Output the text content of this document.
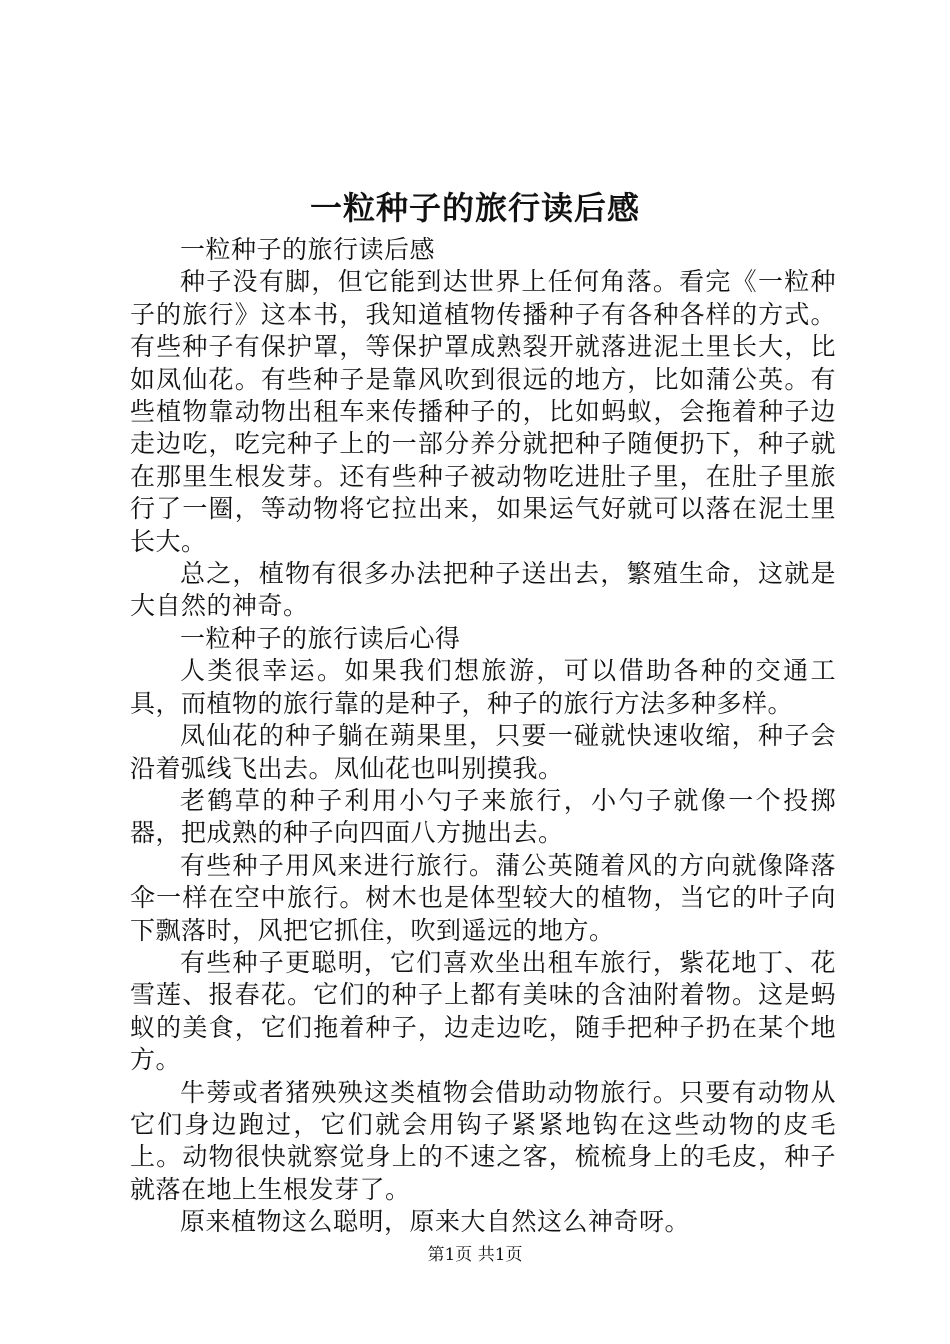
一粒种子的旅行读后感

一粒种子的旅行读后感

种子没有脚，但它能到达世界上任何角落。看完《一粒种子的旅行》这本书，我知道植物传播种子有各种各样的方式。有些种子有保护罩，等保护罩成熟裂开就落进泥土里长大，比如凤仙花。有些种子是靠风吹到很远的地方，比如蒲公英。有些植物靠动物出租车来传播种子的，比如蚂蚁，会拖着种子边走边吃，吃完种子上的一部分养分就把种子随便扔下，种子就在那里生根发芽。还有些种子被动物吃进肚子里，在肚子里旅行了一圈，等动物将它拉出来，如果运气好就可以落在泥土里长大。

总之，植物有很多办法把种子送出去，繁殖生命，这就是大自然的神奇。

一粒种子的旅行读后心得

人类很幸运。如果我们想旅游，可以借助各种的交通工具，而植物的旅行靠的是种子，种子的旅行方法多种多样。

凤仙花的种子躺在蒴果里，只要一碰就快速收缩，种子会沿着弧线飞出去。凤仙花也叫别摸我。

老鹤草的种子利用小勺子来旅行，小勺子就像一个投掷器，把成熟的种子向四面八方抛出去。

有些种子用风来进行旅行。蒲公英随着风的方向就像降落伞一样在空中旅行。树木也是体型较大的植物，当它的叶子向下飘落时，风把它抓住，吹到遥远的地方。

有些种子更聪明，它们喜欢坐出租车旅行，紫花地丁、花雪莲、报春花。它们的种子上都有美味的含油附着物。这是蚂蚁的美食，它们拖着种子，边走边吃，随手把种子扔在某个地方。

牛蒡或者猪殃殃这类植物会借助动物旅行。只要有动物从它们身边跑过，它们就会用钩子紧紧地钩在这些动物的皮毛上。动物很快就察觉身上的不速之客，梳梳身上的毛皮，种子就落在地上生根发芽了。

原来植物这么聪明，原来大自然这么神奇呀。

第1页 共1页
